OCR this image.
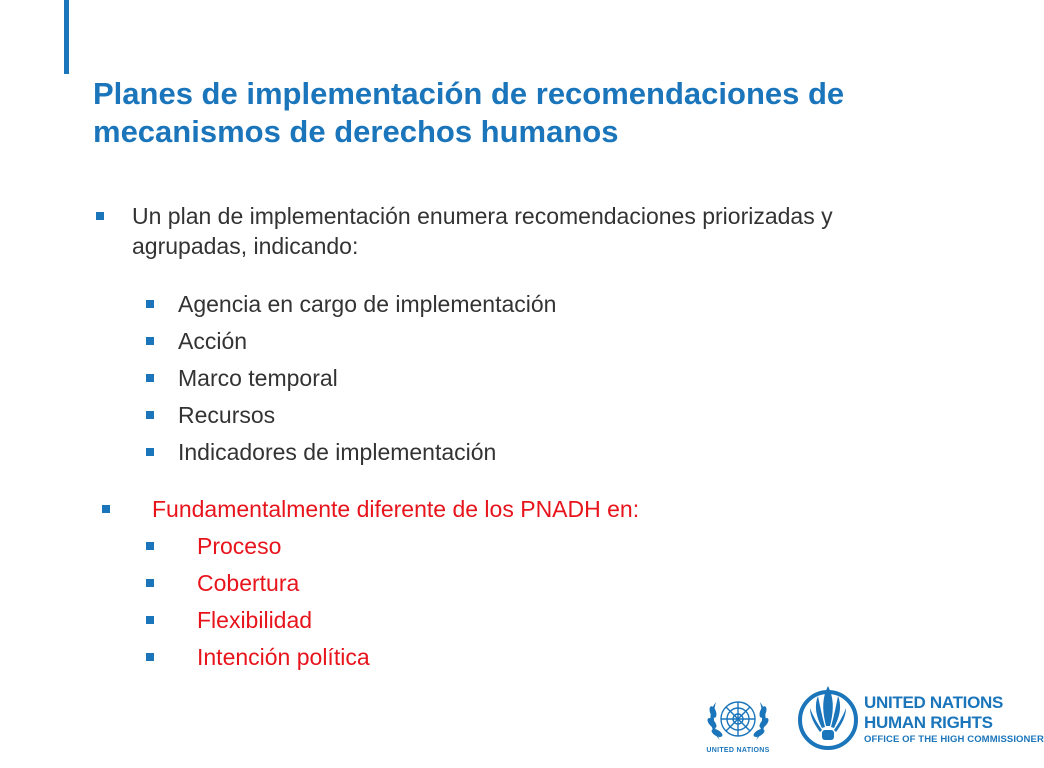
Planes de implementación de recomendaciones de mecanismos de derechos humanos
Un plan de implementación enumera recomendaciones priorizadas y agrupadas, indicando:
Agencia en cargo de implementación
Acción
Marco temporal
Recursos
Indicadores de implementación
Fundamentalmente diferente de los PNADH en:
Proceso
Cobertura
Flexibilidad
Intención política
UNITED NATIONS
UNITED NATIONS
HUMAN RIGHTS
OFFICE OF THE HIGH COMMISSIONER
